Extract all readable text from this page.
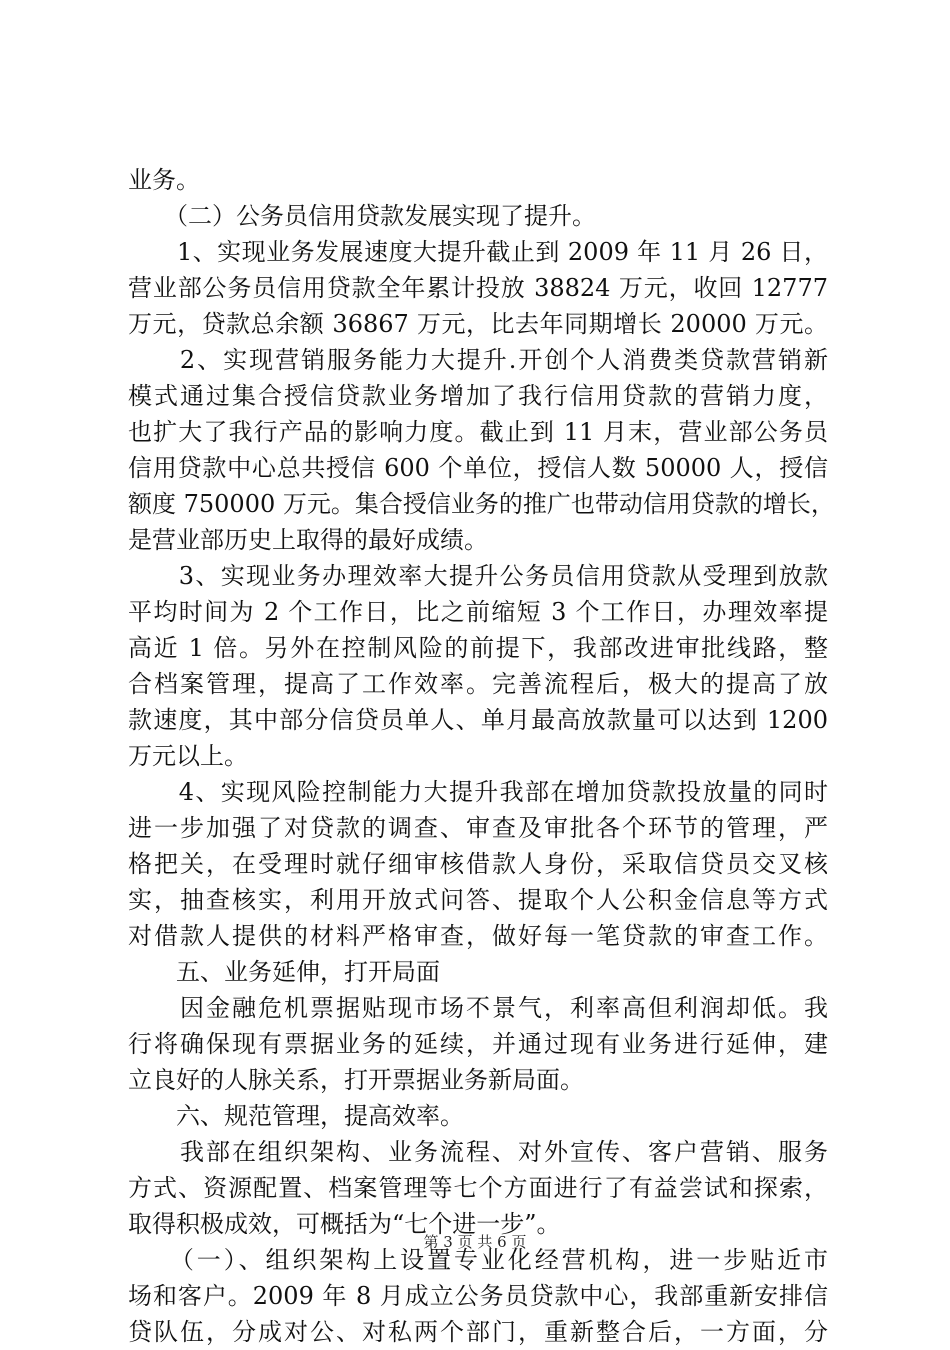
业务。
　　（二）公务员信用贷款发展实现了提升。
　　1、实现业务发展速度大提升截止到 2009 年 11 月 26 日，
营业部公务员信用贷款全年累计投放 38824 万元，收回 12777
万元，贷款总余额 36867 万元，比去年同期增长 20000 万元。
　　2、实现营销服务能力大提升.开创个人消费类贷款营销新
模式通过集合授信贷款业务增加了我行信用贷款的营销力度，
也扩大了我行产品的影响力度。截止到 11 月末，营业部公务员
信用贷款中心总共授信 600 个单位，授信人数 50000 人，授信
额度 750000 万元。集合授信业务的推广也带动信用贷款的增长，
是营业部历史上取得的最好成绩。
　　3、实现业务办理效率大提升公务员信用贷款从受理到放款
平均时间为 2 个工作日，比之前缩短 3 个工作日，办理效率提
高近 1 倍。另外在控制风险的前提下，我部改进审批线路，整
合档案管理，提高了工作效率。完善流程后，极大的提高了放
款速度，其中部分信贷员单人、单月最高放款量可以达到 1200
万元以上。
　　4、实现风险控制能力大提升我部在增加贷款投放量的同时
进一步加强了对贷款的调查、审查及审批各个环节的管理，严
格把关，在受理时就仔细审核借款人身份，采取信贷员交叉核
实，抽查核实，利用开放式问答、提取个人公积金信息等方式
对借款人提供的材料严格审查，做好每一笔贷款的审查工作。
　　五、业务延伸，打开局面
　　因金融危机票据贴现市场不景气，利率高但利润却低。我
行将确保现有票据业务的延续，并通过现有业务进行延伸，建
立良好的人脉关系，打开票据业务新局面。
　　六、规范管理，提高效率。
　　我部在组织架构、业务流程、对外宣传、客户营销、服务
方式、资源配置、档案管理等七个方面进行了有益尝试和探索，
取得积极成效，可概括为“七个进一步”。
　　（一）、组织架构上设置专业化经营机构，进一步贴近市
场和客户。2009 年 8 月成立公务员贷款中心，我部重新安排信
贷队伍，分成对公、对私两个部门，重新整合后，一方面，分
第 3 页 共 6 页
